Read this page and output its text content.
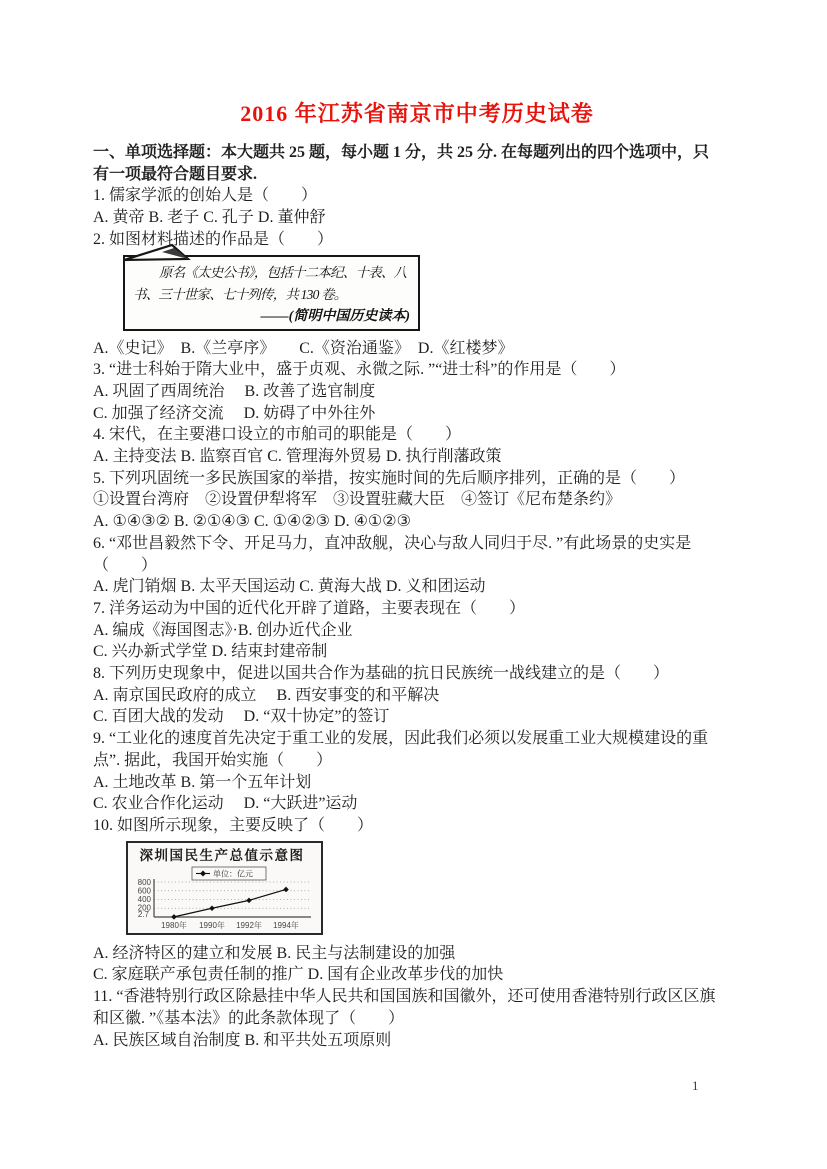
2016 年江苏省南京市中考历史试卷
一、单项选择题：本大题共 25 题，每小题 1 分，共 25 分. 在每题列出的四个选项中，只
有一项最符合题目要求.
1. 儒家学派的创始人是（　　）
A. 黄帝 B. 老子 C. 孔子 D. 董仲舒
2. 如图材料描述的作品是（　　）
原名《太史公书》，包括十二本纪、十表、八
书、三十世家、七十列传，共 130 卷。
——(简明中国历史读本)
A.《史记》　B.《兰亭序》　　C.《资治通鉴》　D.《红楼梦》
3. “进士科始于隋大业中，盛于贞观、永微之际. ”“进士科”的作用是（　　）
A. 巩固了西周统治　 B. 改善了选官制度
C. 加强了经济交流　 D. 妨碍了中外往外
4. 宋代，在主要港口设立的市舶司的职能是（　　）
A. 主持变法 B. 监察百官 C. 管理海外贸易 D. 执行削藩政策
5. 下列巩固统一多民族国家的举措，按实施时间的先后顺序排列，正确的是（　　）
①设置台湾府　②设置伊犁将军　③设置驻藏大臣　④签订《尼布楚条约》
A. ①④③② B. ②①④③ C. ①④②③ D. ④①②③
6. “邓世昌毅然下令、开足马力，直冲敌舰，决心与敌人同归于尽. ”有此场景的史实是
（　　）
A. 虎门销烟 B. 太平天国运动 C. 黄海大战 D. 义和团运动
7. 洋务运动为中国的近代化开辟了道路，主要表现在（　　）
A. 编成《海国图志》·B. 创办近代企业
C. 兴办新式学堂 D. 结束封建帝制
8. 下列历史现象中，促进以国共合作为基础的抗日民族统一战线建立的是（　　）
A. 南京国民政府的成立　 B. 西安事变的和平解决
C. 百团大战的发动　 D. “双十协定”的签订
9. “工业化的速度首先决定于重工业的发展，因此我们必须以发展重工业大规模建设的重
点”. 据此，我国开始实施（　　）
A. 土地改革 B. 第一个五年计划
C. 农业合作化运动　 D. “大跃进”运动
10. 如图所示现象，主要反映了（　　）
深圳国民生产总值示意图
单位：亿元
800
600
400
200
2.7
1980年 1990年 1992年 1994年
A. 经济特区的建立和发展 B. 民主与法制建设的加强
C. 家庭联产承包责任制的推广 D. 国有企业改革步伐的加快
11. “香港特别行政区除悬挂中华人民共和国国族和国徽外，还可使用香港特别行政区区旗
和区徽. ”《基本法》的此条款体现了（　　）
A. 民族区域自治制度 B. 和平共处五项原则
1
